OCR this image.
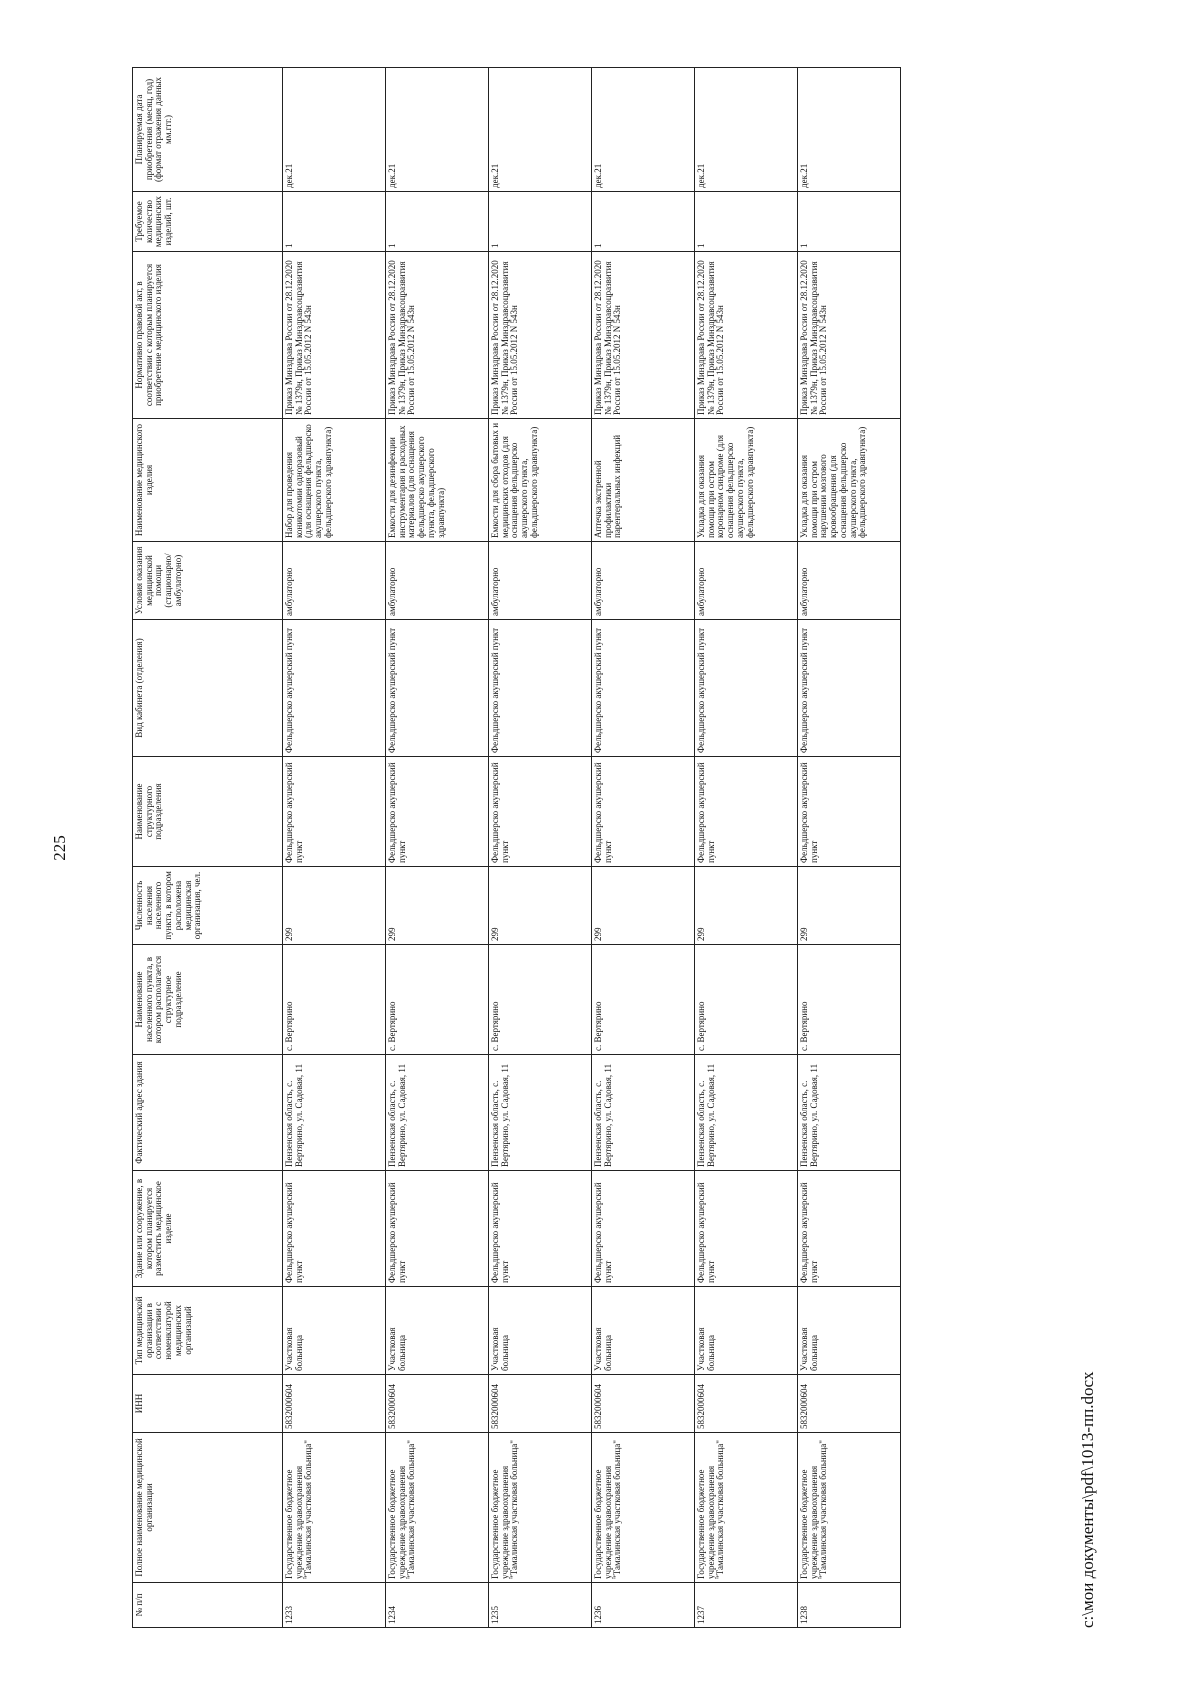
225
№ п/п	Полное наименование медицинской организации	ИНН	Тип медицинской организации в соответствии с номенклатурой медицинских организаций	Здание или сооружение, в котором планируется разместить медицинское изделие	Фактический адрес здания	Наименование населенного пункта, в котором располагается структурное подразделение	Численность населения населенного пункта, в котором расположена медицинская организация, чел.	Наименование структурного подразделения	Вид кабинета (отделения)	Условия оказания медицинской помощи (стационарно/амбулаторно)	Наименование медицинского изделия	Нормативно правовой акт, в соответствии с которым планируется приобретение медицинского изделия	Требуемое количество медицинских изделий, шт.	Планируемая дата приобретения (месяц, год) (формат отражения данных мм.ггг.)
1233	Государственное бюджетное учреждение здравоохранения "Тамалинская участковая больница"	5832000604	Участковая больница	Фельдшерско акушерский пункт	Пензенская область, с. Вертярино, ул. Садовая, 11	с. Вертярино	299	Фельдшерско акушерский пункт	Фельдшерско акушерский пункт	амбулаторно	Набор для проведения коникотомии одноразовый (для оснащения фельдшерско акушерского пункта, фельдшерского здравпункта)	Приказ Минздрава России от 28.12.2020 № 1379н, Приказ Минздравсоцразвития России от 15.05.2012 N 543н	1	дек.21
1234	Государственное бюджетное учреждение здравоохранения "Тамалинская участковая больница"	5832000604	Участковая больница	Фельдшерско акушерский пункт	Пензенская область, с. Вертярино, ул. Садовая, 11	с. Вертярино	299	Фельдшерско акушерский пункт	Фельдшерско акушерский пункт	амбулаторно	Емкости для дезинфекции инструментария и расходных материалов (для оснащения фельдшерско акушерского пункта, фельдшерского здравпункта)	Приказ Минздрава России от 28.12.2020 № 1379н, Приказ Минздравсоцразвития России от 15.05.2012 N 543н	1	дек.21
1235	Государственное бюджетное учреждение здравоохранения "Тамалинская участковая больница"	5832000604	Участковая больница	Фельдшерско акушерский пункт	Пензенская область, с. Вертярино, ул. Садовая, 11	с. Вертярино	299	Фельдшерско акушерский пункт	Фельдшерско акушерский пункт	амбулаторно	Емкости для сбора бытовых и медицинских отходов (для оснащения фельдшерско акушерского пункта, фельдшерского здравпункта)	Приказ Минздрава России от 28.12.2020 № 1379н, Приказ Минздравсоцразвития России от 15.05.2012 N 543н	1	дек.21
1236	Государственное бюджетное учреждение здравоохранения "Тамалинская участковая больница"	5832000604	Участковая больница	Фельдшерско акушерский пункт	Пензенская область, с. Вертярино, ул. Садовая, 11	с. Вертярино	299	Фельдшерско акушерский пункт	Фельдшерско акушерский пункт	амбулаторно	Аптечка экстренной профилактики парентеральных инфекций	Приказ Минздрава России от 28.12.2020 № 1379н, Приказ Минздравсоцразвития России от 15.05.2012 N 543н	1	дек.21
1237	Государственное бюджетное учреждение здравоохранения "Тамалинская участковая больница"	5832000604	Участковая больница	Фельдшерско акушерский пункт	Пензенская область, с. Вертярино, ул. Садовая, 11	с. Вертярино	299	Фельдшерско акушерский пункт	Фельдшерско акушерский пункт	амбулаторно	Укладка для оказания помощи при остром коронарном синдроме (для оснащения фельдшерско акушерского пункта, фельдшерского здравпункта)	Приказ Минздрава России от 28.12.2020 № 1379н, Приказ Минздравсоцразвития России от 15.05.2012 N 543н	1	дек.21
1238	Государственное бюджетное учреждение здравоохранения "Тамалинская участковая больница"	5832000604	Участковая больница	Фельдшерско акушерский пункт	Пензенская область, с. Вертярино, ул. Садовая, 11	с. Вертярино	299	Фельдшерско акушерский пункт	Фельдшерско акушерский пункт	амбулаторно	Укладка для оказания помощи при остром нарушении мозгового кровообращения (для оснащения фельдшерско акушерского пункта, фельдшерского здравпункта)	Приказ Минздрава России от 28.12.2020 № 1379н, Приказ Минздравсоцразвития России от 15.05.2012 N 543н	1	дек.21
c:\мои документы\pdf\1013-пп.docx
